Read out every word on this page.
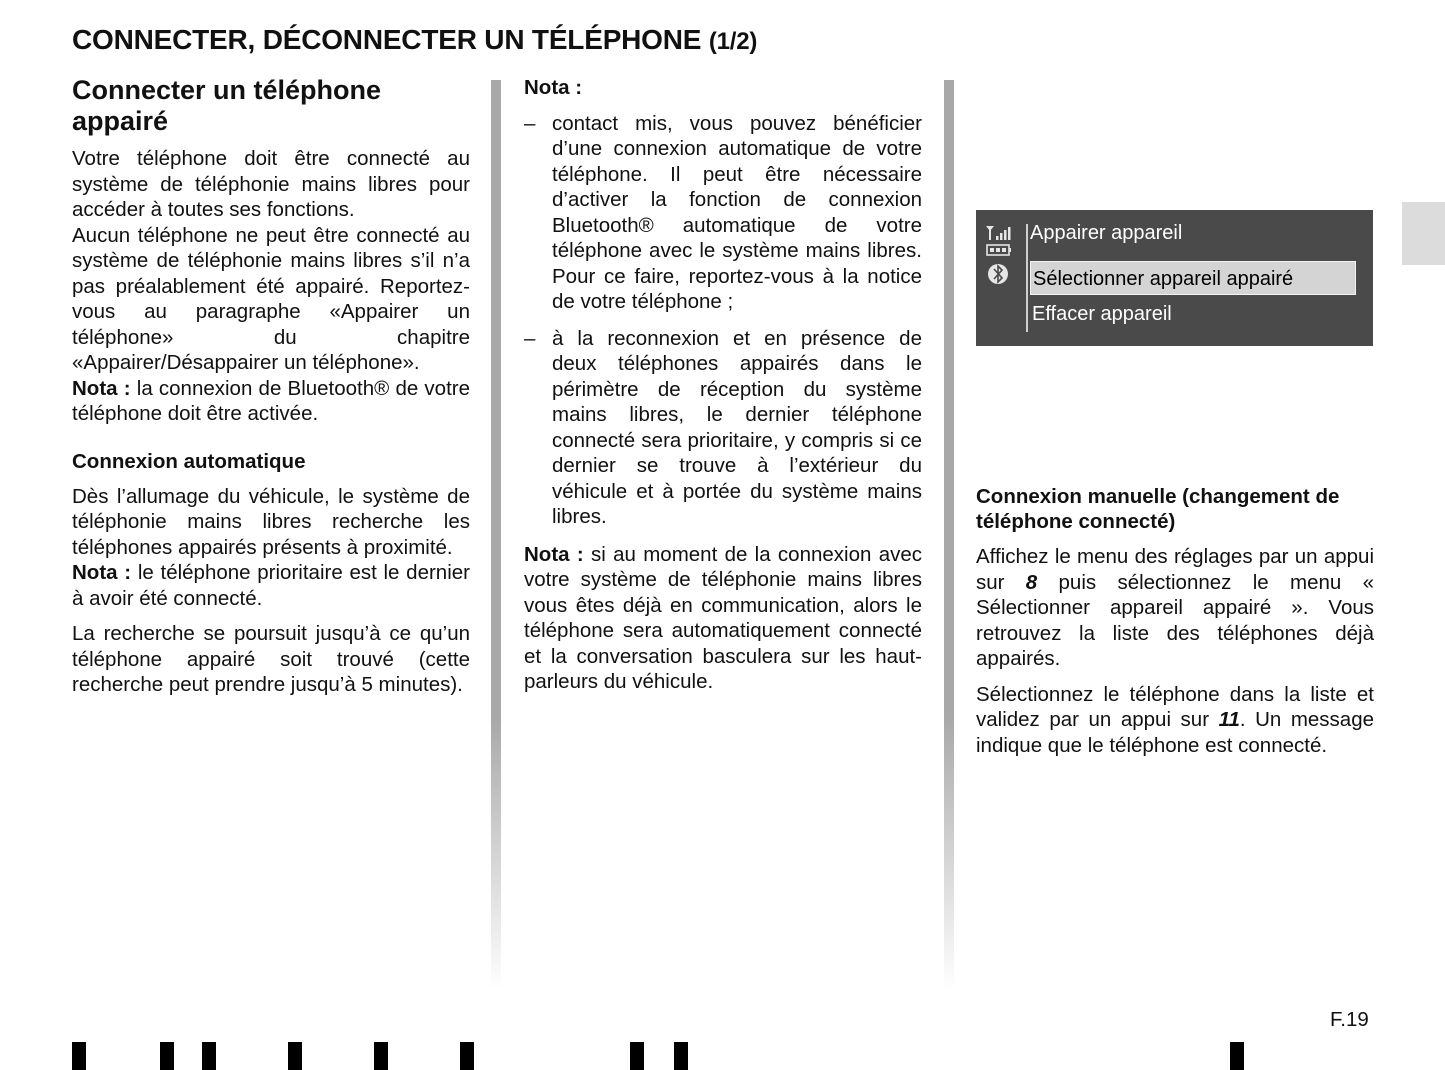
CONNECTER, DÉCONNECTER UN TÉLÉPHONE (1/2)
Connecter un téléphone appairé

Votre téléphone doit être connecté au système de téléphonie mains libres pour accéder à toutes ses fonctions.

Aucun téléphone ne peut être connecté au système de téléphonie mains libres s’il n’a pas préalablement été appairé. Reportez-vous au paragraphe «Appairer un téléphone» du chapitre «Appairer/Désappairer un téléphone».

Nota : la connexion de Bluetooth® de votre téléphone doit être activée.

Connexion automatique

Dès l’allumage du véhicule, le système de téléphonie mains libres recherche les téléphones appairés présents à proximité.

Nota : le téléphone prioritaire est le dernier à avoir été connecté.

La recherche se poursuit jusqu’à ce qu’un téléphone appairé soit trouvé (cette recherche peut prendre jusqu’à 5 minutes).

Nota :

– contact mis, vous pouvez bénéficier d’une connexion automatique de votre téléphone. Il peut être nécessaire d’activer la fonction de connexion Bluetooth® automatique de votre téléphone avec le système mains libres. Pour ce faire, reportez-vous à la notice de votre téléphone ;
– à la reconnexion et en présence de deux téléphones appairés dans le périmètre de réception du système mains libres, le dernier téléphone connecté sera prioritaire, y compris si ce dernier se trouve à l’extérieur du véhicule et à portée du système mains libres.

Nota : si au moment de la connexion avec votre système de téléphonie mains libres vous êtes déjà en communication, alors le téléphone sera automatiquement connecté et la conversation basculera sur les haut-parleurs du véhicule.

Appairer appareil
Sélectionner appareil appairé
Effacer appareil
Connexion manuelle (changement de téléphone connecté)

Affichez le menu des réglages par un appui sur 8 puis sélectionnez le menu « Sélectionner appareil appairé ». Vous retrouvez la liste des téléphones déjà appairés.

Sélectionnez le téléphone dans la liste et validez par un appui sur 11. Un message indique que le téléphone est connecté.

F.19
